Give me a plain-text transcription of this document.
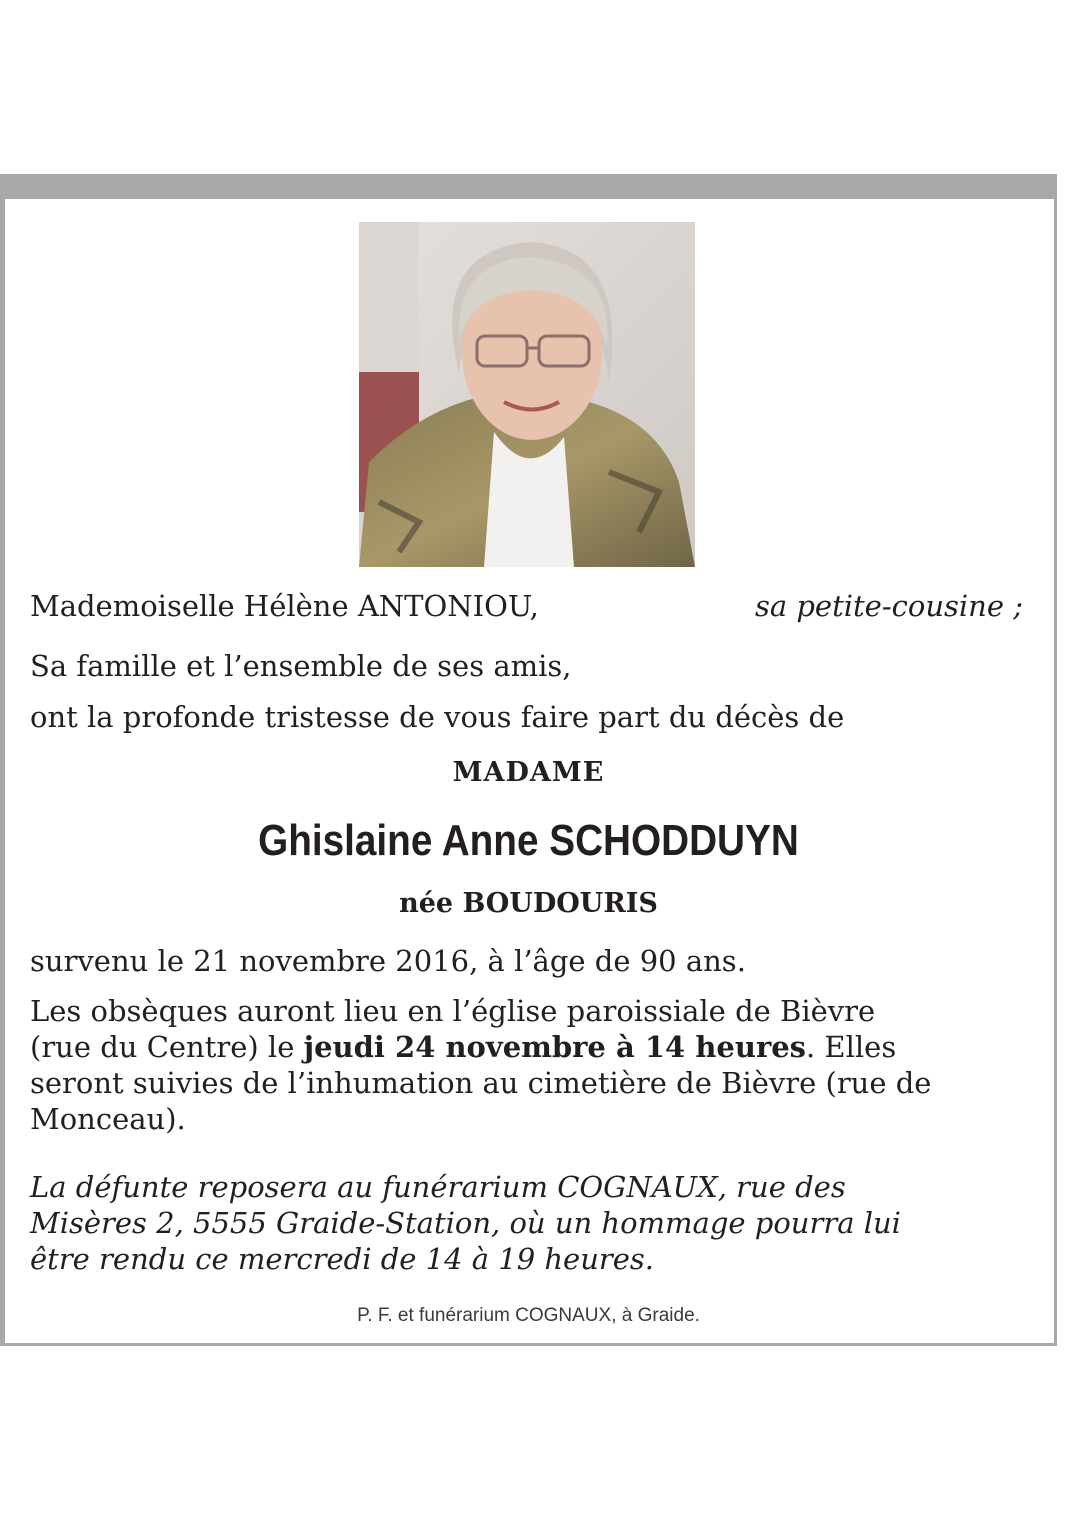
Mademoiselle Hélène ANTONIOU,	sa petite-cousine ;

Sa famille et l’ensemble de ses amis,

ont la profonde tristesse de vous faire part du décès de

MADAME

Ghislaine Anne SCHODDUYN

née BOUDOURIS

survenu le 21 novembre 2016, à l’âge de 90 ans.

Les obsèques auront lieu en l’église paroissiale de Bièvre
(rue du Centre) le jeudi 24 novembre à 14 heures. Elles
seront suivies de l’inhumation au cimetière de Bièvre (rue de
Monceau).
La défunte reposera au funérarium COGNAUX, rue des
Misères 2, 5555 Graide-Station, où un hommage pourra lui
être rendu ce mercredi de 14 à 19 heures.
P. F. et funérarium COGNAUX, à Graide.
